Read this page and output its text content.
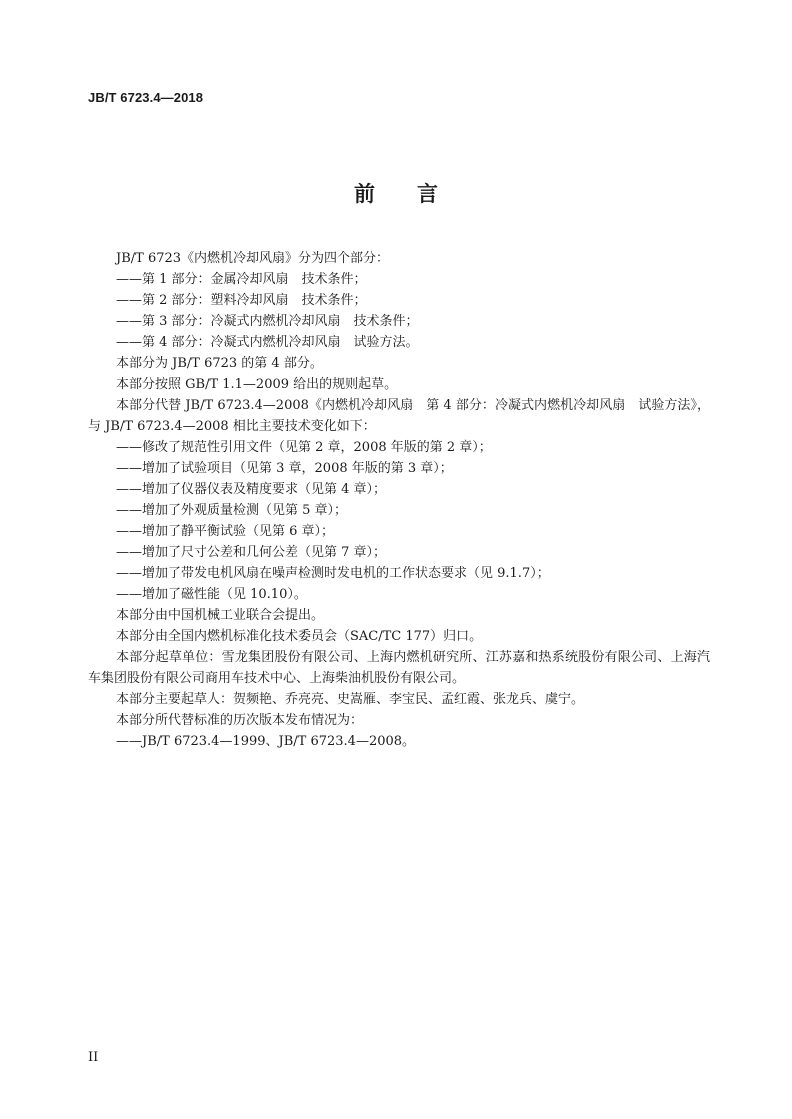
JB/T 6723.4—2018
前 言

JB/T 6723《内燃机冷却风扇》分为四个部分：

——第 1 部分：金属冷却风扇　技术条件；

——第 2 部分：塑料冷却风扇　技术条件；

——第 3 部分：冷凝式内燃机冷却风扇　技术条件；

——第 4 部分：冷凝式内燃机冷却风扇　试验方法。

本部分为 JB/T 6723 的第 4 部分。

本部分按照 GB/T 1.1—2009 给出的规则起草。

本部分代替 JB/T 6723.4—2008《内燃机冷却风扇　第 4 部分：冷凝式内燃机冷却风扇　试验方法》，与 JB/T 6723.4—2008 相比主要技术变化如下：

——修改了规范性引用文件（见第 2 章，2008 年版的第 2 章）；

——增加了试验项目（见第 3 章，2008 年版的第 3 章）；

——增加了仪器仪表及精度要求（见第 4 章）；

——增加了外观质量检测（见第 5 章）；

——增加了静平衡试验（见第 6 章）；

——增加了尺寸公差和几何公差（见第 7 章）；

——增加了带发电机风扇在噪声检测时发电机的工作状态要求（见 9.1.7）；

——增加了磁性能（见 10.10）。

本部分由中国机械工业联合会提出。

本部分由全国内燃机标准化技术委员会（SAC/TC 177）归口。

本部分起草单位：雪龙集团股份有限公司、上海内燃机研究所、江苏嘉和热系统股份有限公司、上海汽车集团股份有限公司商用车技术中心、上海柴油机股份有限公司。

本部分主要起草人：贺频艳、乔亮亮、史嵩雁、李宝民、孟红霞、张龙兵、虞宁。

本部分所代替标准的历次版本发布情况为：

——JB/T 6723.4—1999、JB/T 6723.4—2008。

II
